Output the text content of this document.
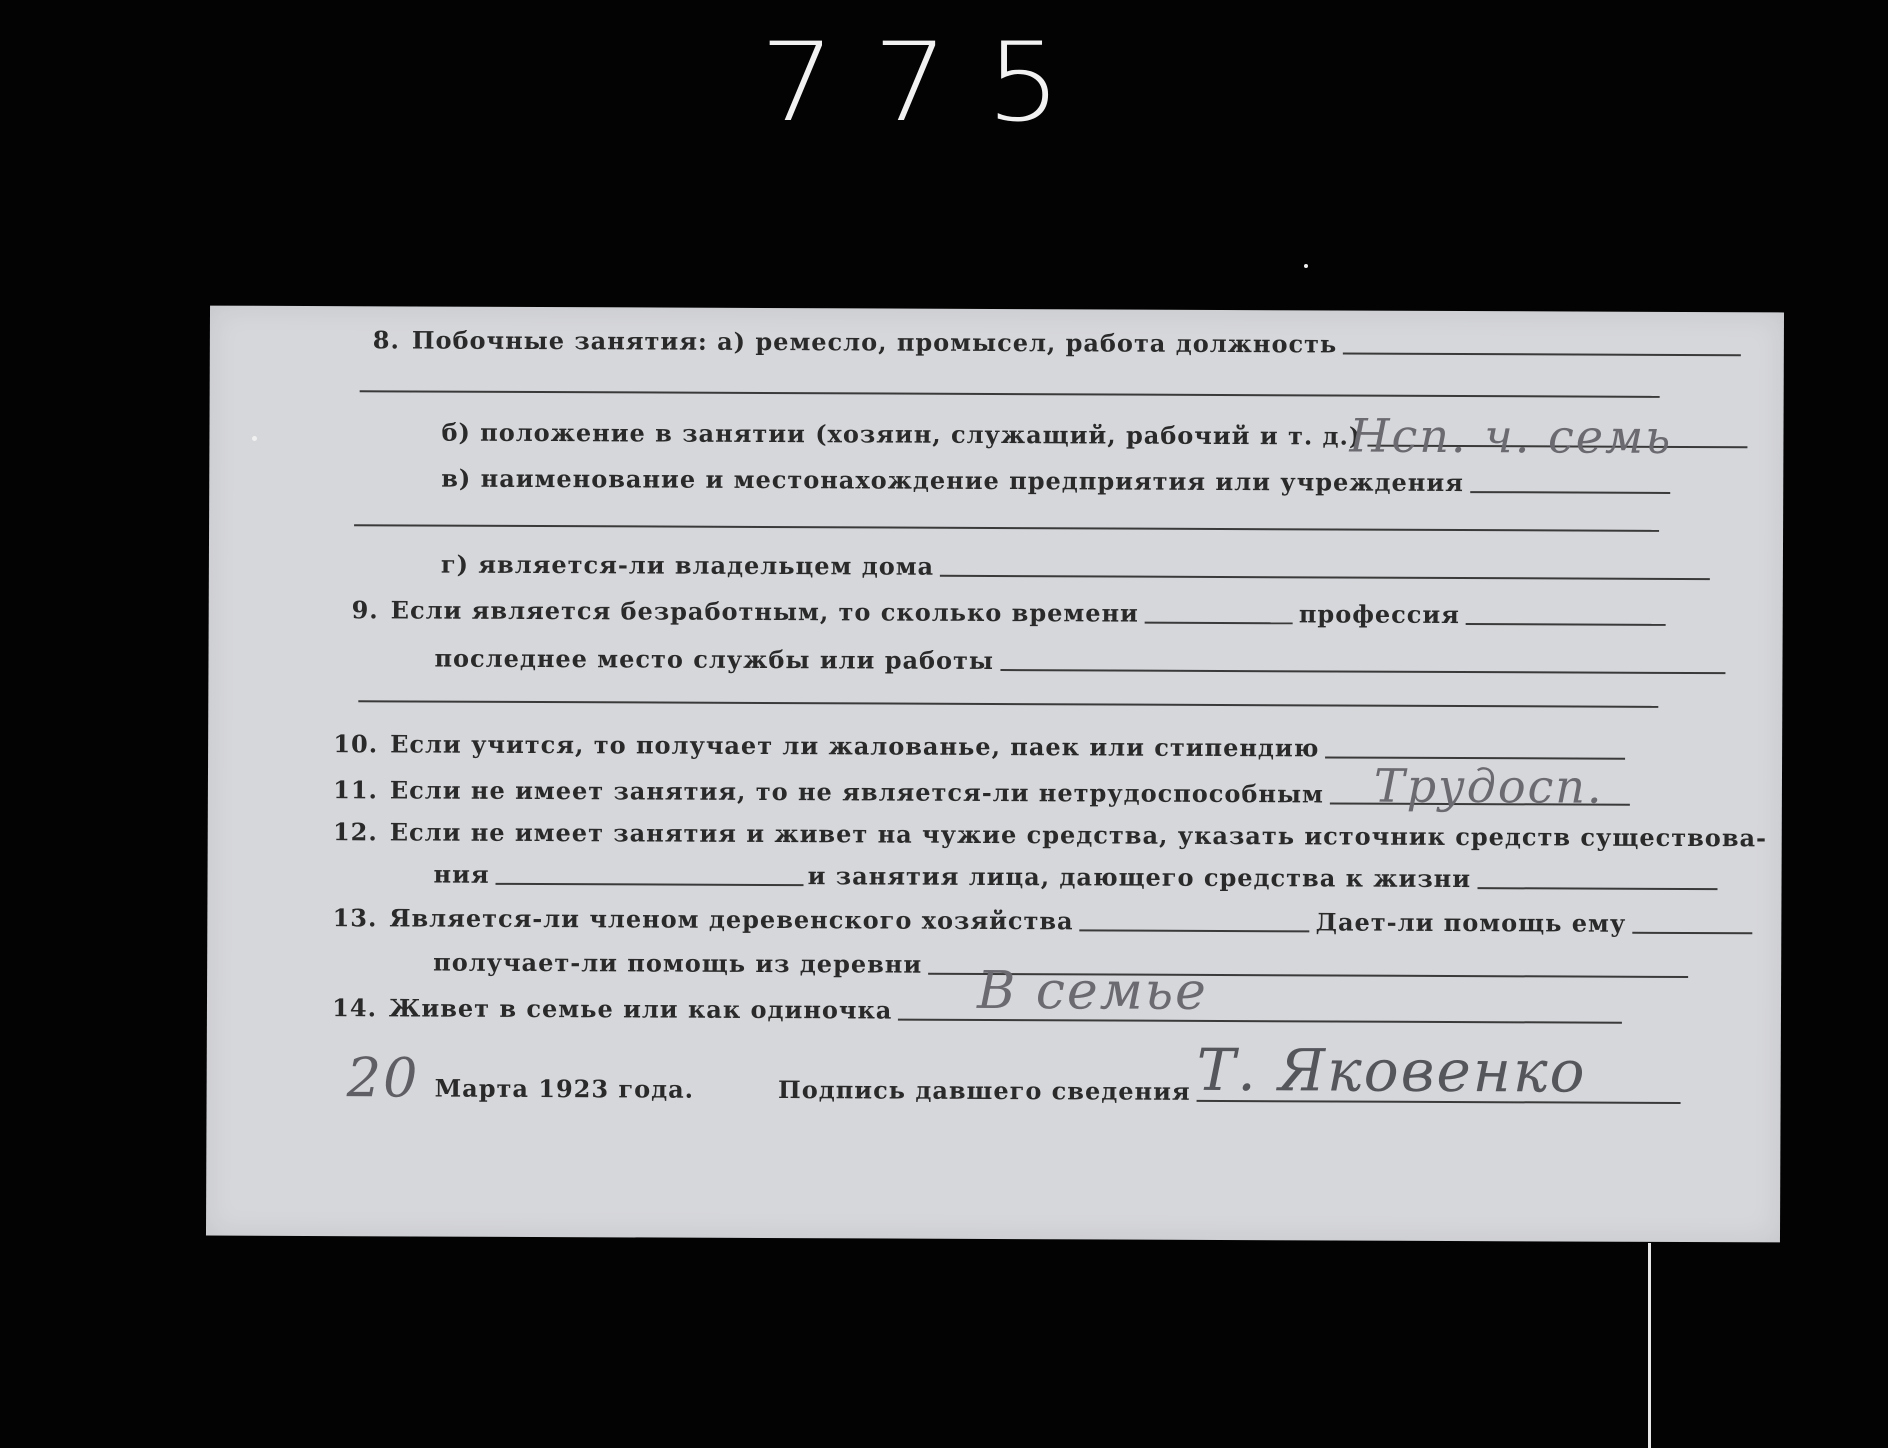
775
8. Побочные занятия: а) ремесло, промысел, работа должность
б) положение в занятии (хозяин, служащий, рабочий и т. д.)
Нсп. ч. семь
в) наименование и местонахождение предприятия или учреждения
г) является-ли владельцем дома
9. Если является безработным, то сколько времени	профессия
последнее место службы или работы
10. Если учится, то получает ли жалованье, паек или стипендию
11. Если не имеет занятия, то не является-ли нетрудоспособным Трудосп.
12. Если не имеет занятия и живет на чужие средства, указать источник средств существова-
ния	и занятия лица, дающего средства к жизни
13. Является-ли членом деревенского хозяйства	Дает-ли помощь ему
получает-ли помощь из деревни
14. Живет в семье или как одиночка В семье
20 Марта 1923 года.	Подпись давшего сведения Т. Яковенко
